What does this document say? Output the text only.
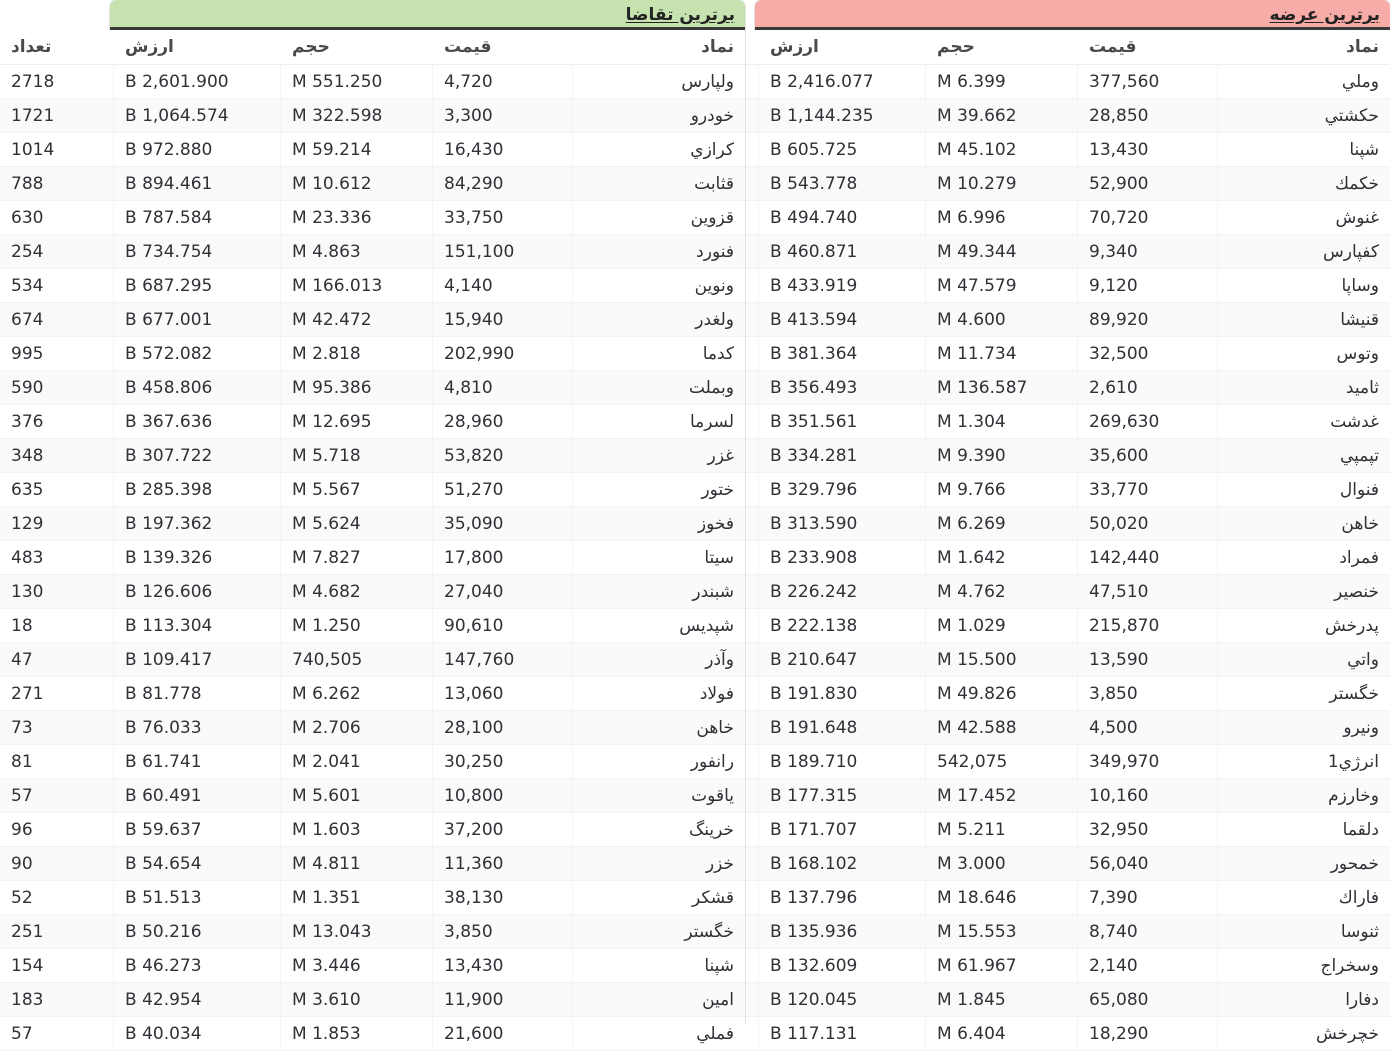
برترین عرضه
نماد	قیمت	حجم	ارزش	
وملي	377,560	6.399 M	2,416.077 B	
حكشتي	28,850	39.662 M	1,144.235 B	
شپنا	13,430	45.102 M	605.725 B	
خكمك	52,900	10.279 M	543.778 B	
غنوش	70,720	6.996 M	494.740 B	
كفپارس	9,340	49.344 M	460.871 B	
وساپا	9,120	47.579 M	433.919 B	
قنيشا	89,920	4.600 M	413.594 B	
وتوس	32,500	11.734 M	381.364 B	
ثاميد	2,610	136.587 M	356.493 B	
غدشت	269,630	1.304 M	351.561 B	
تپمپي	35,600	9.390 M	334.281 B	
فنوال	33,770	9.766 M	329.796 B	
خاهن	50,020	6.269 M	313.590 B	
فمراد	142,440	1.642 M	233.908 B	
خنصير	47,510	4.762 M	226.242 B	
پدرخش	215,870	1.029 M	222.138 B	
واتي	13,590	15.500 M	210.647 B	
خگستر	3,850	49.826 M	191.830 B	
ونيرو	4,500	42.588 M	191.648 B	
انرژي1	349,970	542,075	189.710 B	
وخارزم	10,160	17.452 M	177.315 B	
دلقما	32,950	5.211 M	171.707 B	
خمحور	56,040	3.000 M	168.102 B	
فاراك	7,390	18.646 M	137.796 B	
ثنوسا	8,740	15.553 M	135.936 B	
وسخراج	2,140	61.967 M	132.609 B	
دفارا	65,080	1.845 M	120.045 B	
خچرخش	18,290	6.404 M	117.131 B	
برترین تقاضا
نماد	قیمت	حجم	ارزش	تعداد
ولپارس	4,720	551.250 M	2,601.900 B	2718
خودرو	3,300	322.598 M	1,064.574 B	1721
كرازي	16,430	59.214 M	972.880 B	1014
قثابت	84,290	10.612 M	894.461 B	788
قزوين	33,750	23.336 M	787.584 B	630
فنورد	151,100	4.863 M	734.754 B	254
ونوين	4,140	166.013 M	687.295 B	534
ولغدر	15,940	42.472 M	677.001 B	674
كدما	202,990	2.818 M	572.082 B	995
وبملت	4,810	95.386 M	458.806 B	590
لسرما	28,960	12.695 M	367.636 B	376
غزر	53,820	5.718 M	307.722 B	348
ختور	51,270	5.567 M	285.398 B	635
فخوز	35,090	5.624 M	197.362 B	129
سيتا	17,800	7.827 M	139.326 B	483
شبندر	27,040	4.682 M	126.606 B	130
شپديس	90,610	1.250 M	113.304 B	18
وآذر	147,760	740,505	109.417 B	47
فولاد	13,060	6.262 M	81.778 B	271
خاهن	28,100	2.706 M	76.033 B	73
رانفور	30,250	2.041 M	61.741 B	81
ياقوت	10,800	5.601 M	60.491 B	57
خرينگ	37,200	1.603 M	59.637 B	96
خزر	11,360	4.811 M	54.654 B	90
قشكر	38,130	1.351 M	51.513 B	52
خگستر	3,850	13.043 M	50.216 B	251
شپنا	13,430	3.446 M	46.273 B	154
امين	11,900	3.610 M	42.954 B	183
فملي	21,600	1.853 M	40.034 B	57
